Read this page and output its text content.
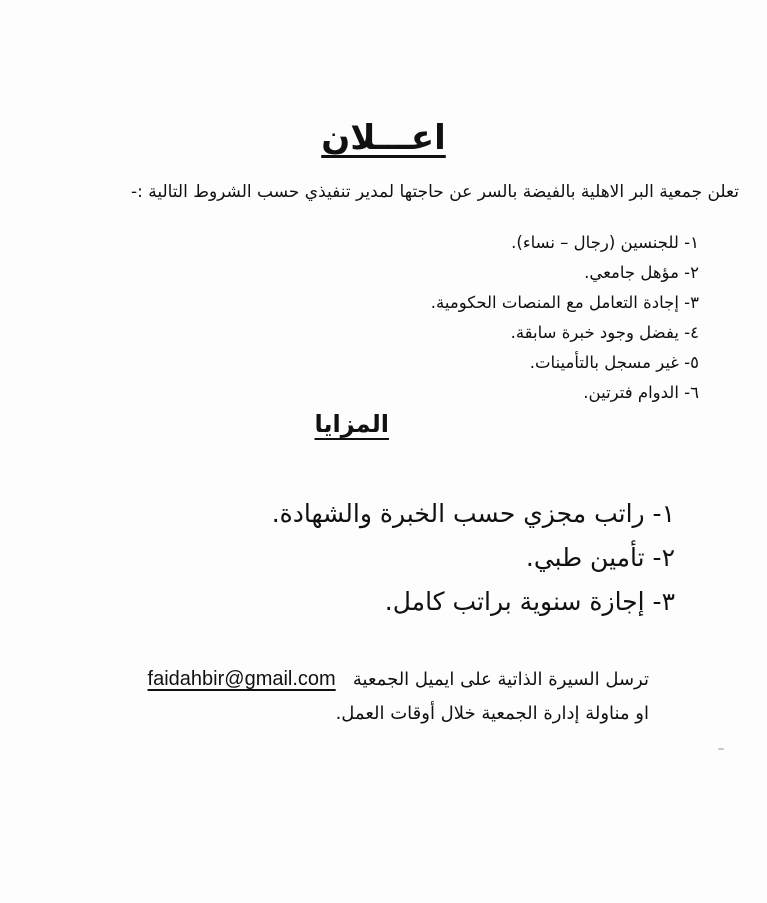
اعـــلان
تعلن جمعية البر الاهلية بالفيضة بالسر عن حاجتها لمدير تنفيذي حسب الشروط التالية :-
١- للجنسين (رجال – نساء).
٢- مؤهل جامعي.
٣- إجادة التعامل مع المنصات الحكومية.
٤- يفضل وجود خبرة سابقة.
٥- غير مسجل بالتأمينات.
٦- الدوام فترتين.
المزايا
١- راتب مجزي حسب الخبرة والشهادة.
٢- تأمين طبي.
٣- إجازة سنوية براتب كامل.
ترسل السيرة الذاتية على ايميل الجمعية   faidahbir@gmail.com
او مناولة إدارة الجمعية خلال أوقات العمل.
